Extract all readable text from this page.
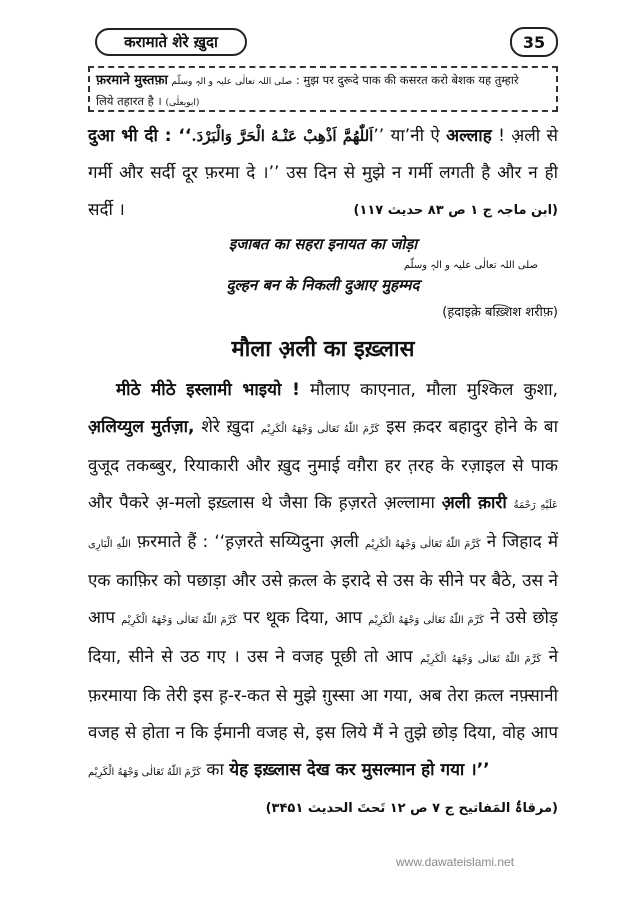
करामाते शेरे ख़ुदा	35
फ़रमाने मुस्तफ़ा صلی اللہ تعالٰی علیہ و الہٖ وسلّم : मुझ पर दुरूदे पाक की कसरत करो बेशक यह तुम्हारे
लिये तहारत है । (ابویعلٰی)

दुआ भी दी : ‘‘اَللّٰھُمَّ اَذْھِبْ عَنْـهُ الْحَرَّ وَالْبَرْدَ.’’ या’नी ऐ अल्लाह ! अ़ली से गर्मी और सर्दी दूर फ़रमा दे ।’’ उस दिन से मुझे न गर्मी लगती है और न ही सर्दी ।	(ابن ماجہ ج ۱ ص ۸۳ حدیث ۱۱۷)
इजाबत का सहरा इनायत का जोड़ा
صلی اللہ تعالٰی علیہ و الہٖ وسلّم
दुल्हन बन के निकली दुआए मुहम्मद
(ह़दाइक़े बख़्शिश शरीफ़)
मौला अ़ली का इख़्लास

मीठे मीठे इस्लामी भाइयो ! मौलाए काएनात, मौला मुश्किल कुशा, अ़लिय्युल मुर्तज़ा, शेरे ख़ुदा كَرَّمَ اللّٰهُ تَعَالٰى وَجْهَهُ الْكَرِيْم इस क़दर बहादुर होने के बा वुजूद तकब्बुर, रियाकारी और ख़ुद नुमाई वग़ैरा हर त़रह के रज़ाइल से पाक और पैकरे अ़-मलो इख़्लास थे जैसा कि ह़ज़रते अ़ल्लामा अ़ली क़ारी عَلَيْهِ رَحْمَةُ اللّٰهِ الْبَارِى फ़रमाते हैं : ‘‘ह़ज़रते सय्यिदुना अ़ली كَرَّمَ اللّٰهُ تَعَالٰى وَجْهَهُ الْكَرِيْم ने जिहाद में एक काफ़िर को पछाड़ा और उसे क़त्ल के इरादे से उस के सीने पर बैठे, उस ने आप كَرَّمَ اللّٰهُ تَعَالٰى وَجْهَهُ الْكَرِيْم पर थूक दिया, आप كَرَّمَ اللّٰهُ تَعَالٰى وَجْهَهُ الْكَرِيْم ने उसे छोड़ दिया, सीने से उठ गए । उस ने वजह पूछी तो आप كَرَّمَ اللّٰهُ تَعَالٰى وَجْهَهُ الْكَرِيْم ने फ़रमाया कि तेरी इस ह़-र-कत से मुझे ग़ुस्सा आ गया, अब तेरा क़त्ल नफ़्सानी वजह से होता न कि ईमानी वजह से, इस लिये मैं ने तुझे छोड़ दिया, वोह आप كَرَّمَ اللّٰهُ تَعَالٰى وَجْهَهُ الْكَرِيْم का येह इख़्लास देख कर मुसल्मान हो गया ।’’

(مرقاۃُ المَفاتیح ج ۷ ص ۱۲ تَحتَ الحدیث ۳۴۵۱)
www.dawateislami.net
